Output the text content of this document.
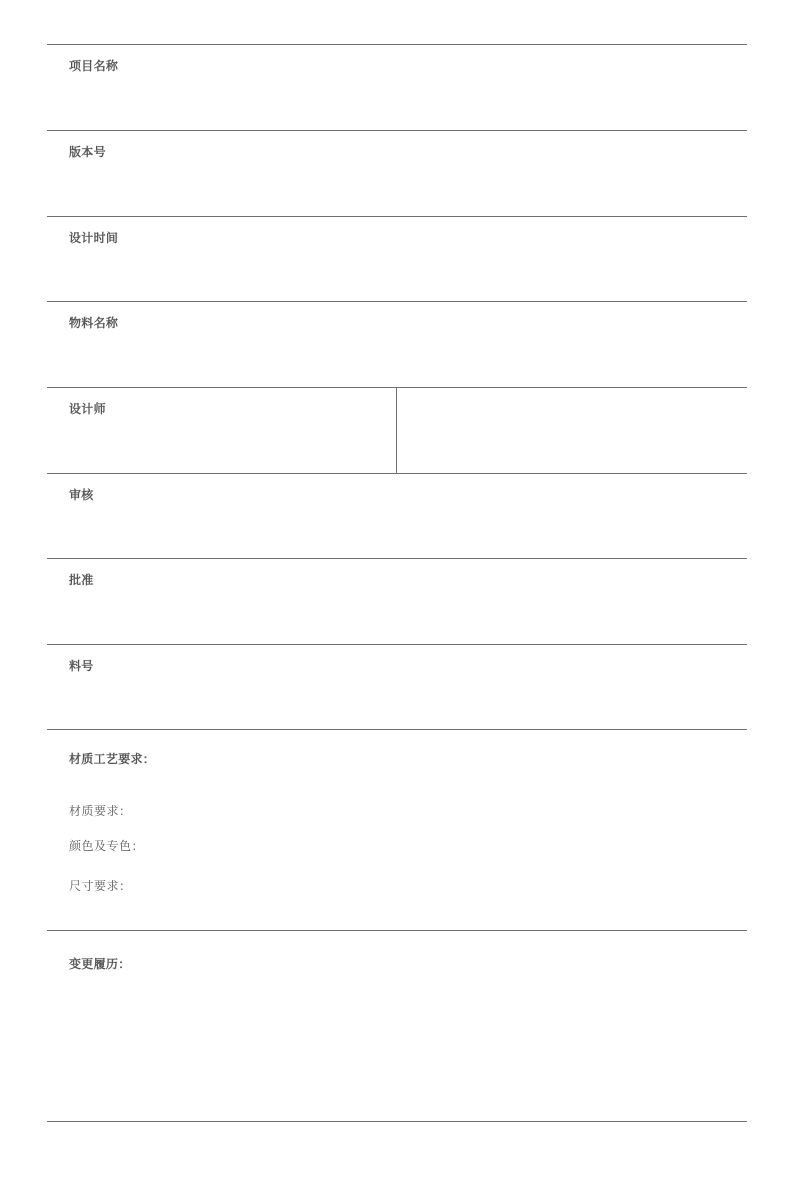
项目名称
版本号
设计时间
物料名称
设计师
审核
批准
料号
材质工艺要求：
材质要求：
颜色及专色：
尺寸要求：
变更履历：
